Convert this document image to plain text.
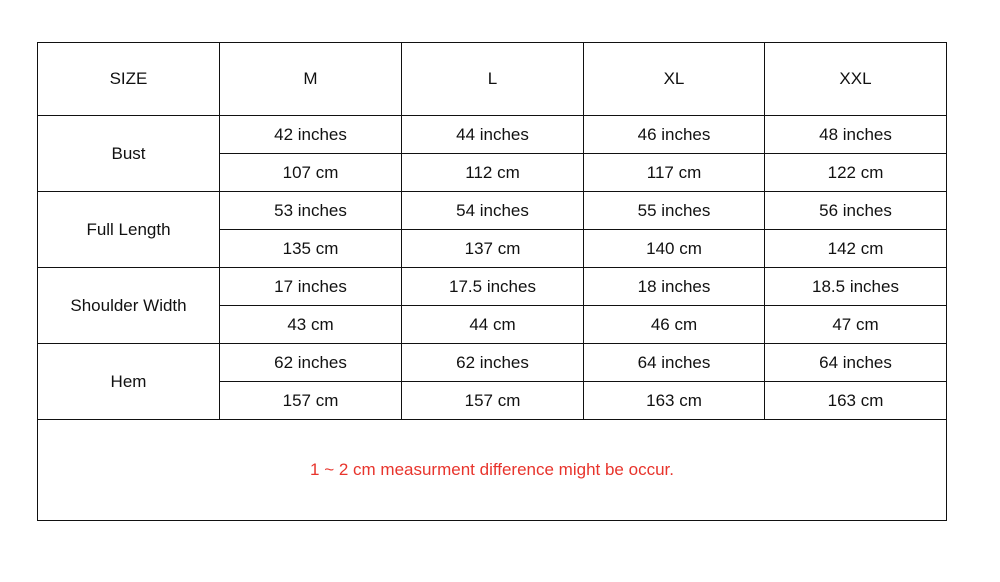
SIZE	M	L	XL	XXL
Bust	42 inches	44 inches	46 inches	48 inches
	107 cm	112 cm	117 cm	122 cm
Full Length	53 inches	54 inches	55 inches	56 inches
	135 cm	137 cm	140 cm	142 cm
Shoulder Width	17 inches	17.5 inches	18 inches	18.5 inches
	43 cm	44 cm	46 cm	47 cm
Hem	62 inches	62 inches	64 inches	64 inches
	157 cm	157 cm	163 cm	163 cm
1 ~ 2 cm measurment difference might be occur.				
